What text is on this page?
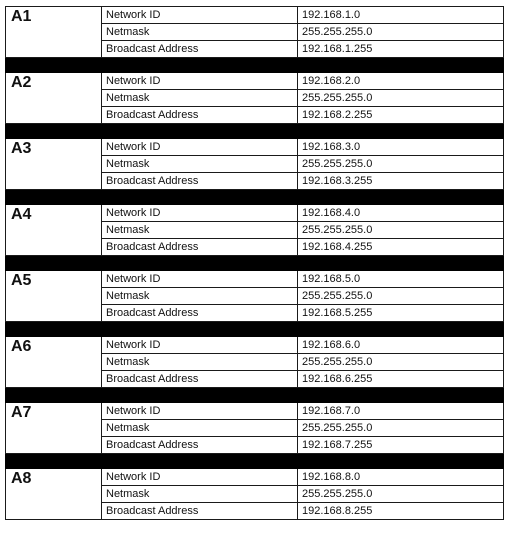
A1	Network ID	192.168.1.0
	Netmask	255.255.255.0
	Broadcast Address	192.168.1.255

A2	Network ID	192.168.2.0
	Netmask	255.255.255.0
	Broadcast Address	192.168.2.255

A3	Network ID	192.168.3.0
	Netmask	255.255.255.0
	Broadcast Address	192.168.3.255

A4	Network ID	192.168.4.0
	Netmask	255.255.255.0
	Broadcast Address	192.168.4.255

A5	Network ID	192.168.5.0
	Netmask	255.255.255.0
	Broadcast Address	192.168.5.255

A6	Network ID	192.168.6.0
	Netmask	255.255.255.0
	Broadcast Address	192.168.6.255

A7	Network ID	192.168.7.0
	Netmask	255.255.255.0
	Broadcast Address	192.168.7.255

A8	Network ID	192.168.8.0
	Netmask	255.255.255.0
	Broadcast Address	192.168.8.255
